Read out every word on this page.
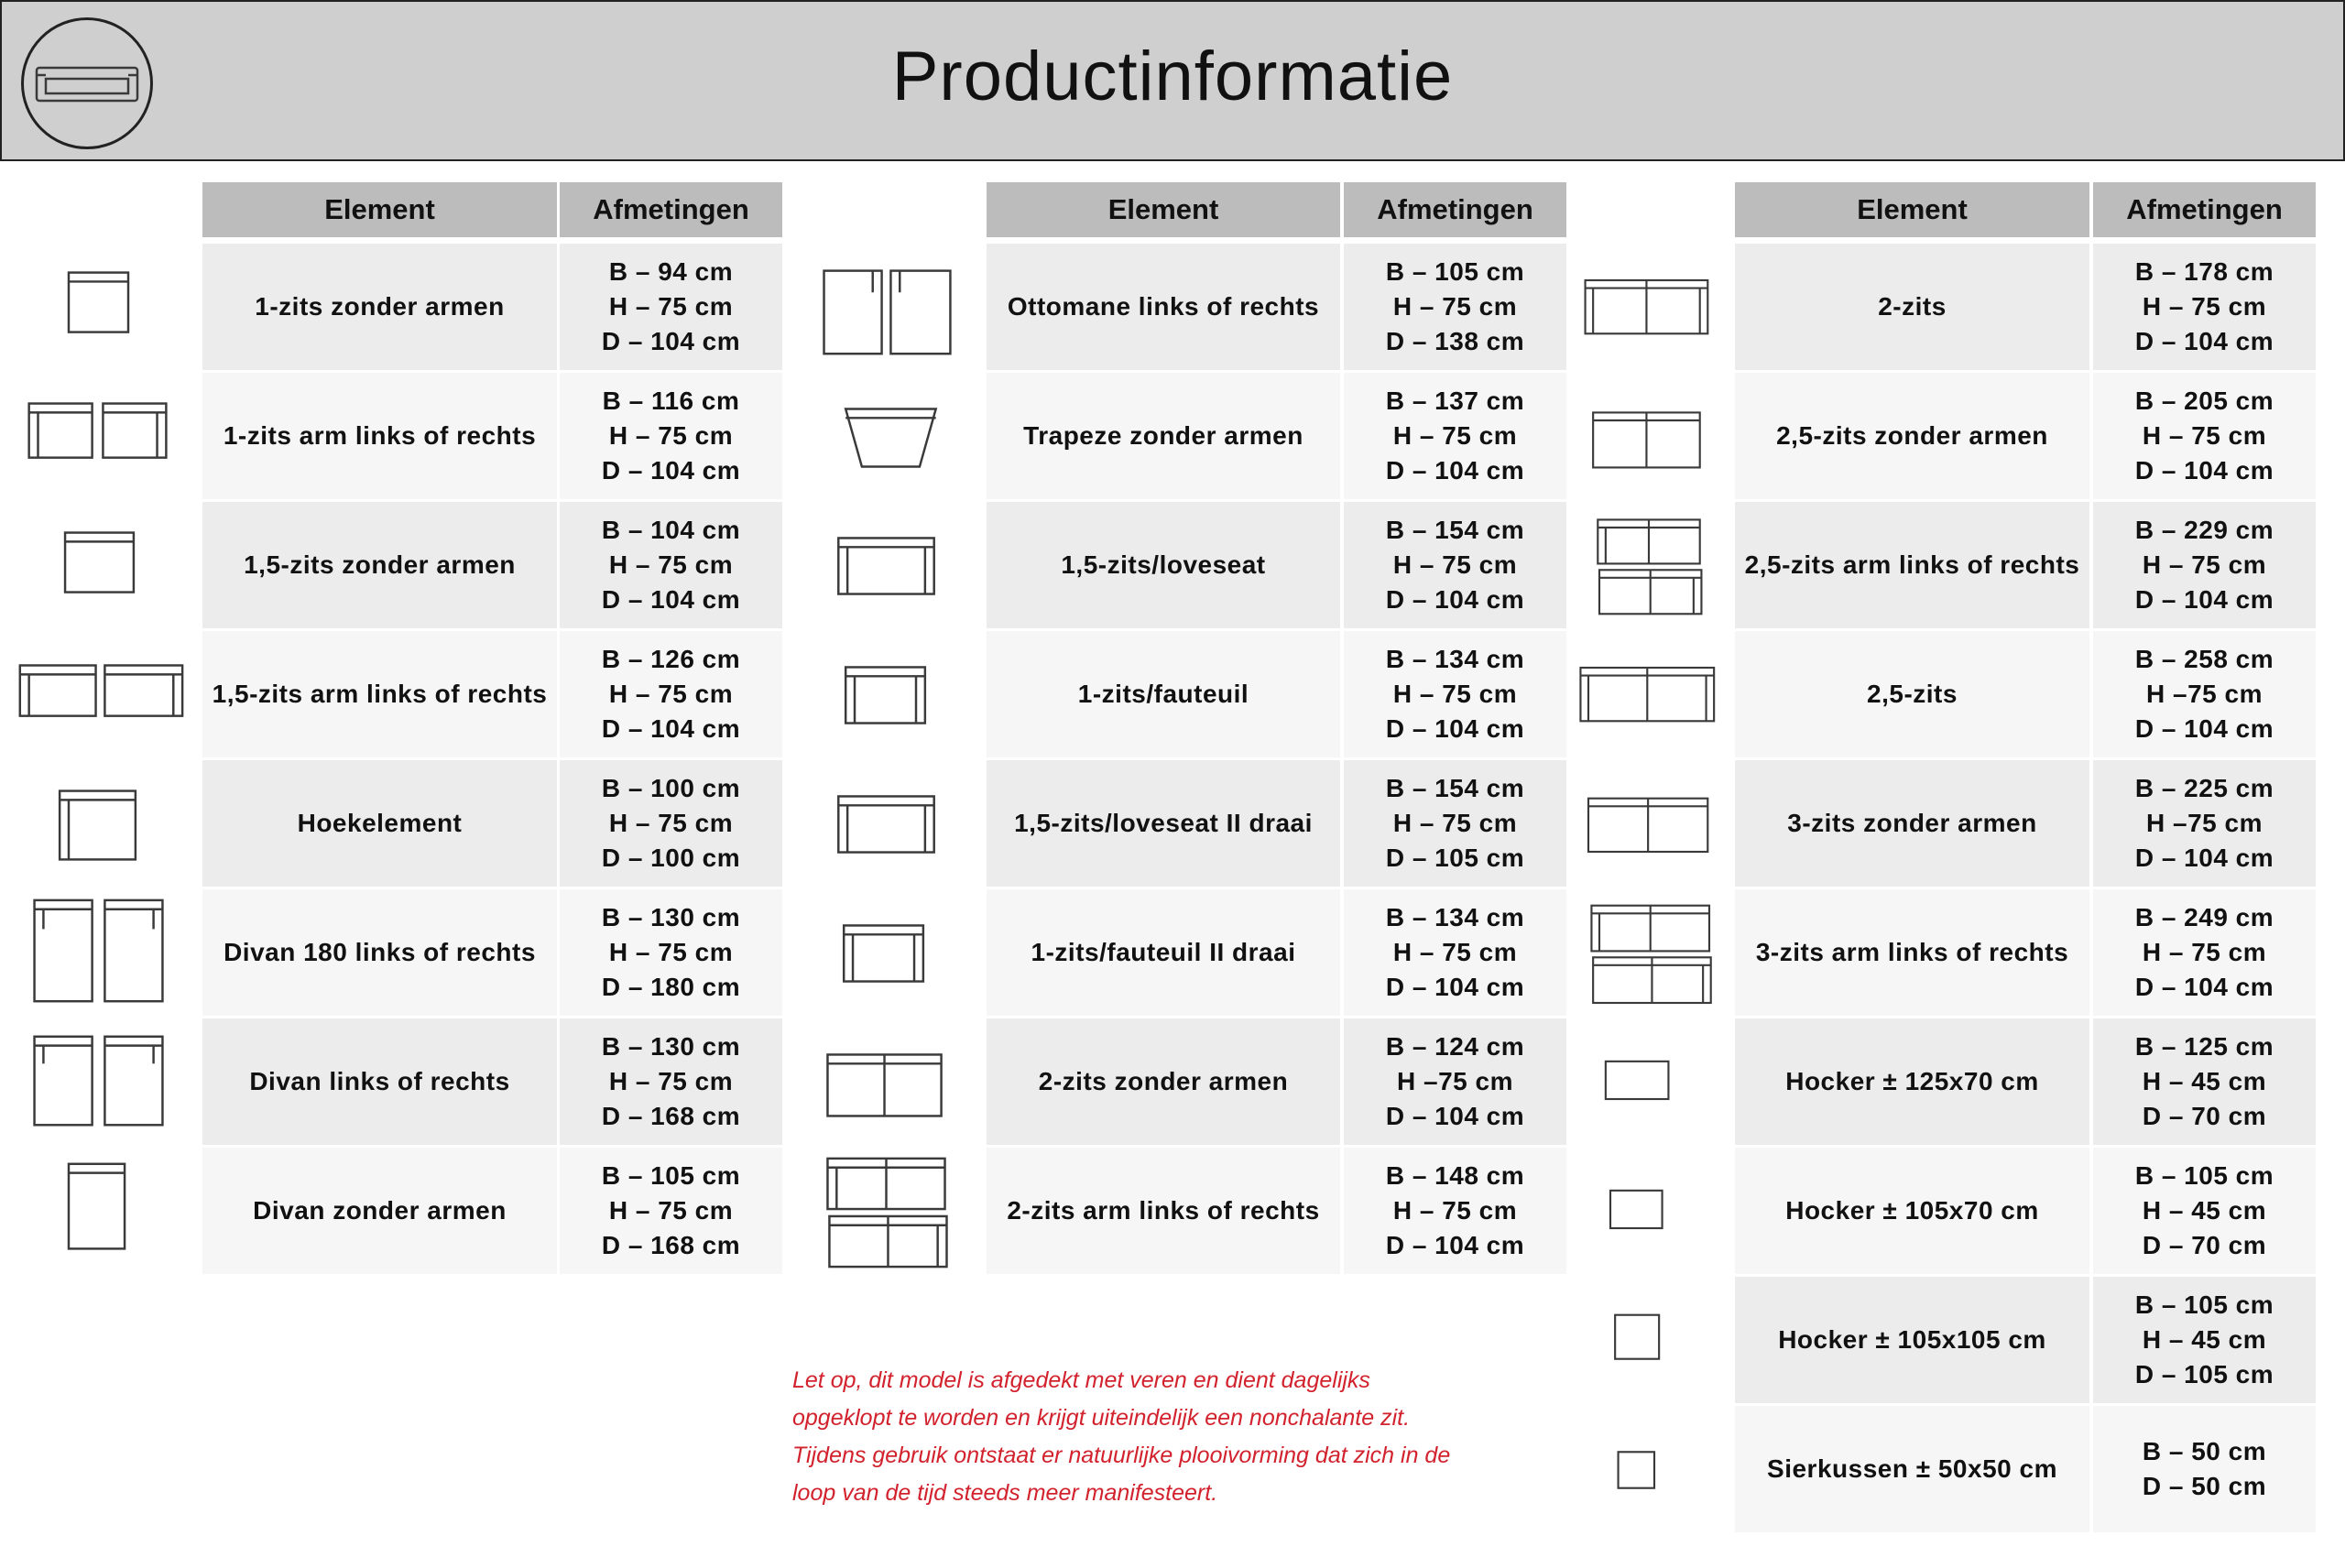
Productinformatie
Element	Afmetingen
1-zits zonder armen
B – 94 cm
H – 75 cm
D – 104 cm
1-zits arm links of rechts
B – 116 cm
H – 75 cm
D – 104 cm
1,5-zits zonder armen
B – 104 cm
H – 75 cm
D – 104 cm
1,5-zits arm links of rechts
B – 126 cm
H – 75 cm
D – 104 cm
Hoekelement
B – 100 cm
H – 75 cm
D – 100 cm
Divan 180 links of rechts
B – 130 cm
H – 75 cm
D – 180 cm
Divan links of rechts
B – 130 cm
H – 75 cm
D – 168 cm
Divan zonder armen
B – 105 cm
H – 75 cm
D – 168 cm
Element	Afmetingen
Ottomane links of rechts
B – 105 cm
H – 75 cm
D – 138 cm
Trapeze zonder armen
B – 137 cm
H – 75 cm
D – 104 cm
1,5-zits/loveseat
B – 154 cm
H – 75 cm
D – 104 cm
1-zits/fauteuil
B – 134 cm
H – 75 cm
D – 104 cm
1,5-zits/loveseat II draai
B – 154 cm
H – 75 cm
D – 105 cm
1-zits/fauteuil II draai
B – 134 cm
H – 75 cm
D – 104 cm
2-zits zonder armen
B – 124 cm
H –75 cm
D – 104 cm
2-zits arm links of rechts
B – 148 cm
H – 75 cm
D – 104 cm
Element	Afmetingen
2-zits
B – 178 cm
H – 75 cm
D – 104 cm
2,5-zits zonder armen
B – 205 cm
H – 75 cm
D – 104 cm
2,5-zits arm links of rechts
B – 229 cm
H – 75 cm
D – 104 cm
2,5-zits
B – 258 cm
H –75 cm
D – 104 cm
3-zits zonder armen
B – 225 cm
H –75 cm
D – 104 cm
3-zits arm links of rechts
B – 249 cm
H – 75 cm
D – 104 cm
Hocker ± 125x70 cm
B – 125 cm
H – 45 cm
D – 70 cm
Hocker ± 105x70 cm
B – 105 cm
H – 45 cm
D – 70 cm
Hocker ± 105x105 cm
B – 105 cm
H – 45 cm
D – 105 cm
Sierkussen ± 50x50 cm
B – 50 cm
D – 50 cm
Let op, dit model is afgedekt met veren en dient dagelijks opgeklopt te worden en krijgt uiteindelijk een nonchalante zit. Tijdens gebruik ontstaat er natuurlijke plooivorming dat zich in de loop van de tijd steeds meer manifesteert.
